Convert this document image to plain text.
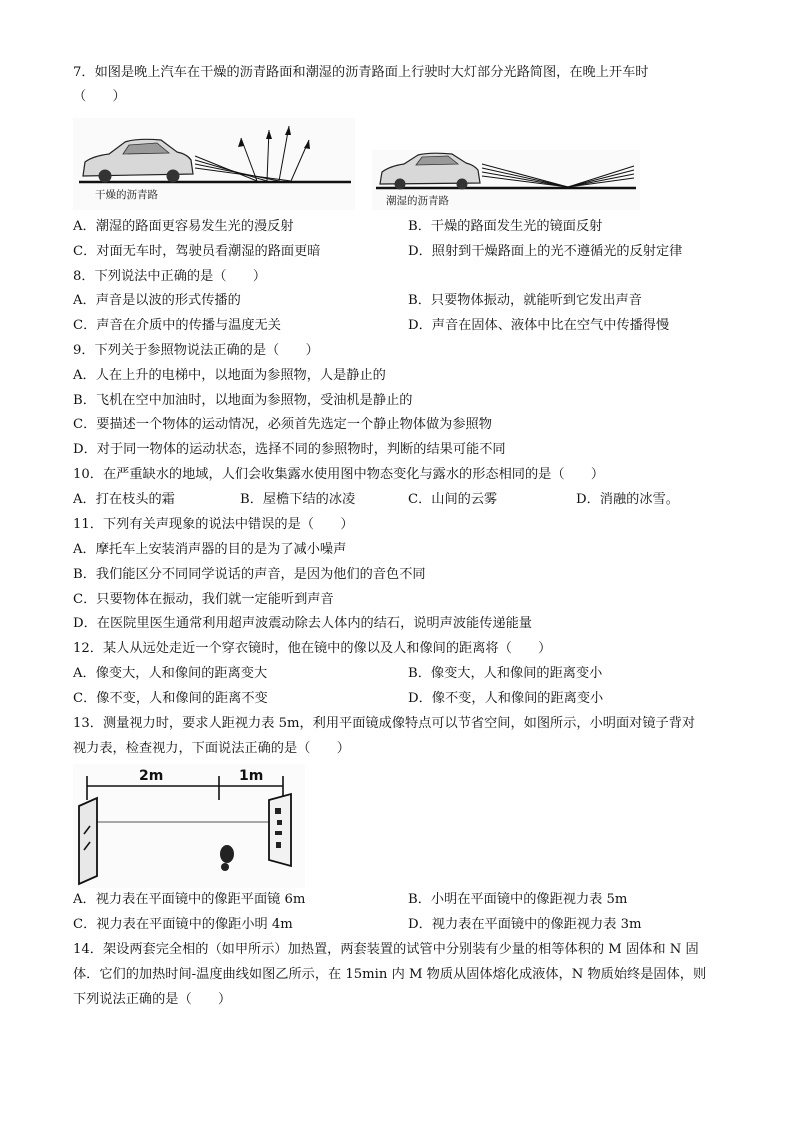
7．如图是晚上汽车在干燥的沥青路面和潮湿的沥青路面上行驶时大灯部分光路简图，在晚上开车时
（　　）
干燥的沥青路	潮湿的沥青路
A．潮湿的路面更容易发生光的漫反射	B．干燥的路面发生光的镜面反射
C．对面无车时，驾驶员看潮湿的路面更暗	D．照射到干燥路面上的光不遵循光的反射定律
8．下列说法中正确的是（　　）
A．声音是以波的形式传播的	B．只要物体振动，就能听到它发出声音
C．声音在介质中的传播与温度无关	D．声音在固体、液体中比在空气中传播得慢
9．下列关于参照物说法正确的是（　　）
A．人在上升的电梯中，以地面为参照物，人是静止的
B．飞机在空中加油时，以地面为参照物，受油机是静止的
C．要描述一个物体的运动情况，必须首先选定一个静止物体做为参照物
D．对于同一物体的运动状态，选择不同的参照物时，判断的结果可能不同
10．在严重缺水的地域，人们会收集露水使用图中物态变化与露水的形态相同的是（　　）
A．打在枝头的霜	B．屋檐下结的冰凌	C．山间的云雾	D．消融的冰雪。
11．下列有关声现象的说法中错误的是（　　）
A．摩托车上安装消声器的目的是为了减小噪声
B．我们能区分不同同学说话的声音，是因为他们的音色不同
C．只要物体在振动，我们就一定能听到声音
D．在医院里医生通常利用超声波震动除去人体内的结石，说明声波能传递能量
12．某人从远处走近一个穿衣镜时，他在镜中的像以及人和像间的距离将（　　）
A．像变大，人和像间的距离变大	B．像变大，人和像间的距离变小
C．像不变，人和像间的距离不变	D．像不变，人和像间的距离变小
13．测量视力时，要求人距视力表 5m，利用平面镜成像特点可以节省空间，如图所示，小明面对镜子背对
视力表，检查视力，下面说法正确的是（　　）
2m	1m
A．视力表在平面镜中的像距平面镜 6m	B．小明在平面镜中的像距视力表 5m
C．视力表在平面镜中的像距小明 4m	D．视力表在平面镜中的像距视力表 3m
14．架设两套完全相的（如甲所示）加热置，两套装置的试管中分别装有少量的相等体积的 M 固体和 N 固
体．它们的加热时间-温度曲线如图乙所示，在 15min 内 M 物质从固体熔化成液体，N 物质始终是固体，则
下列说法正确的是（　　）
